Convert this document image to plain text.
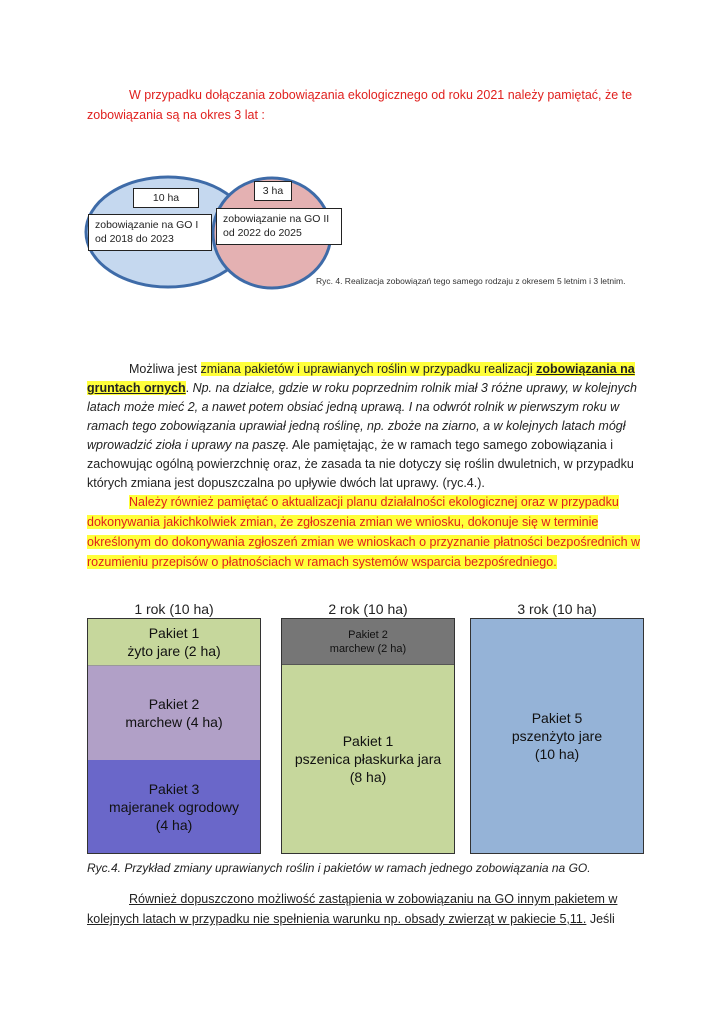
W przypadku dołączania zobowiązania ekologicznego od roku 2021 należy pamiętać, że te
zobowiązania są na okres 3 lat :
10 ha
3 ha
zobowiązanie na GO I
od 2018 do 2023
zobowiązanie na GO II
od 2022 do 2025
Ryc. 4. Realizacja zobowiązań tego samego rodzaju z okresem 5 letnim i 3 letnim.
Możliwa jest zmiana pakietów i uprawianych roślin w przypadku realizacji zobowiązania na
gruntach ornych. Np. na działce, gdzie w roku poprzednim rolnik miał 3 różne uprawy, w kolejnych
latach może mieć 2, a nawet potem obsiać jedną uprawą. I na odwrót rolnik w pierwszym roku w
ramach tego zobowiązania uprawiał jedną roślinę, np. zboże na ziarno, a w kolejnych latach mógł
wprowadzić zioła i uprawy na paszę. Ale pamiętając, że w ramach tego samego zobowiązania i
zachowując ogólną powierzchnię oraz, że zasada ta nie dotyczy się roślin dwuletnich, w przypadku
których zmiana jest dopuszczalna po upływie dwóch lat uprawy. (ryc.4.).
Należy również pamiętać o aktualizacji planu działalności ekologicznej oraz w przypadku
dokonywania jakichkolwiek zmian, że zgłoszenia zmian we wniosku, dokonuje się w terminie
określonym do dokonywania zgłoszeń zmian we wnioskach o przyznanie płatności bezpośrednich w
rozumieniu przepisów o płatnościach w ramach systemów wsparcia bezpośredniego.
1 rok (10 ha)	2 rok (10 ha)	3 rok (10 ha)
Pakiet 1
żyto jare (2 ha)
Pakiet 2
marchew (4 ha)
Pakiet 3
majeranek ogrodowy
(4 ha)
Pakiet 2
marchew (2 ha)
Pakiet 1
pszenica płaskurka jara
(8 ha)
Pakiet 5
pszenżyto jare
(10 ha)
Ryc.4. Przykład zmiany uprawianych roślin i pakietów w ramach jednego zobowiązania na GO.
Również dopuszczono możliwość zastąpienia w zobowiązaniu na GO innym pakietem w
kolejnych latach w przypadku nie spełnienia warunku np. obsady zwierząt w pakiecie 5,11. Jeśli
